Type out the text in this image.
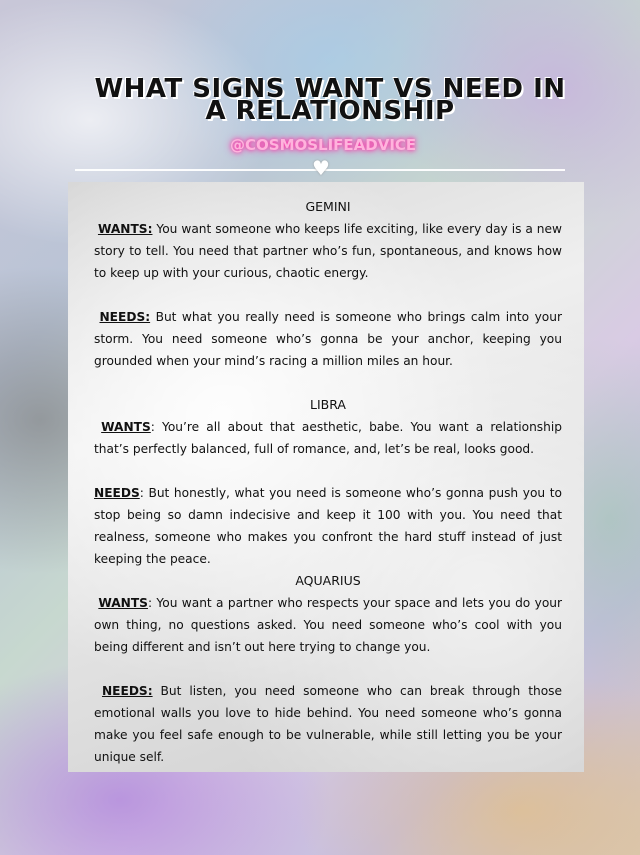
WHAT SIGNS WANT VS NEED IN
A RELATIONSHIP
@COSMOSLIFEADVICE
♥

GEMINI

WANTS: You want someone who keeps life exciting, like every day is a new story to tell. You need that partner who’s fun, spontaneous, and knows how to keep up with your curious, chaotic energy.

NEEDS: But what you really need is someone who brings calm into your storm. You need someone who’s gonna be your anchor, keeping you grounded when your mind’s racing a million miles an hour.

LIBRA

WANTS: You’re all about that aesthetic, babe. You want a relationship that’s perfectly balanced, full of romance, and, let’s be real, looks good.

NEEDS: But honestly, what you need is someone who’s gonna push you to stop being so damn indecisive and keep it 100 with you. You need that realness, someone who makes you confront the hard stuff instead of just keeping the peace.

AQUARIUS

WANTS: You want a partner who respects your space and lets you do your own thing, no questions asked. You need someone who’s cool with you being different and isn’t out here trying to change you.

NEEDS: But listen, you need someone who can break through those emotional walls you love to hide behind. You need someone who’s gonna make you feel safe enough to be vulnerable, while still letting you be your unique self.
